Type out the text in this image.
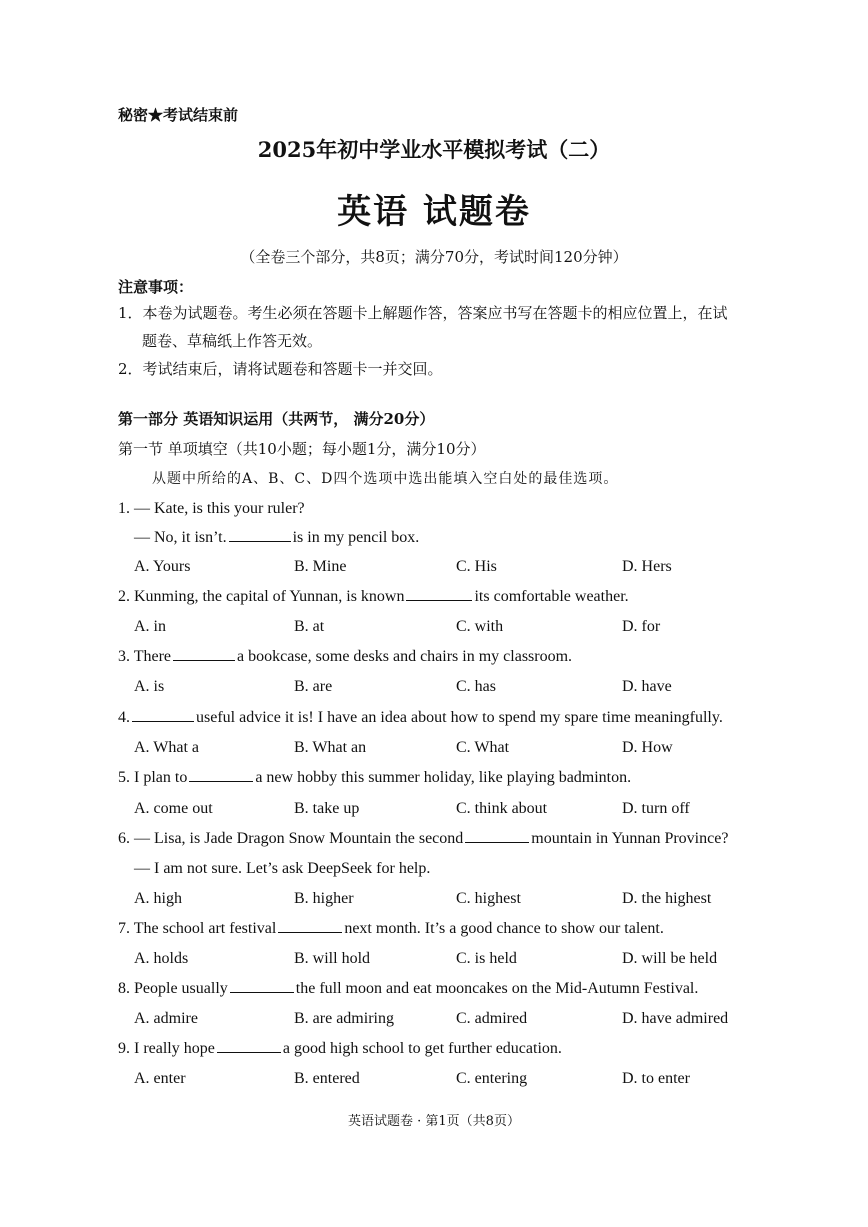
秘密★考试结束前
2025年初中学业水平模拟考试（二）
英语 试题卷
（全卷三个部分，共8页；满分70分，考试时间120分钟）
注意事项：
1．本卷为试题卷。考生必须在答题卡上解题作答，答案应书写在答题卡的相应位置上，在试
题卷、草稿纸上作答无效。
2．考试结束后，请将试题卷和答题卡一并交回。
第一部分 英语知识运用（共两节， 满分20分）
第一节 单项填空（共10小题；每小题1分，满分10分）
从题中所给的A、B、C、D四个选项中选出能填入空白处的最佳选项。
1. — Kate, is this your ruler?
— No, it isn’t.	is in my pencil box.
A. Yours	B. Mine	C. His	D. Hers
2. Kunming, the capital of Yunnan, is known	its comfortable weather.
A. in	B. at	C. with	D. for
3. There	a bookcase, some desks and chairs in my classroom.
A. is	B. are	C. has	D. have
4.	useful advice it is! I have an idea about how to spend my spare time meaningfully.
A. What a	B. What an	C. What	D. How
5. I plan to	a new hobby this summer holiday, like playing badminton.
A. come out	B. take up	C. think about	D. turn off
6. — Lisa, is Jade Dragon Snow Mountain the second	mountain in Yunnan Province?
— I am not sure. Let’s ask DeepSeek for help.
A. high	B. higher	C. highest	D. the highest
7. The school art festival	next month. It’s a good chance to show our talent.
A. holds	B. will hold	C. is held	D. will be held
8. People usually	the full moon and eat mooncakes on the Mid-Autumn Festival.
A. admire	B. are admiring	C. admired	D. have admired
9. I really hope	a good high school to get further education.
A. enter	B. entered	C. entering	D. to enter
英语试题卷 · 第1页（共8页）
